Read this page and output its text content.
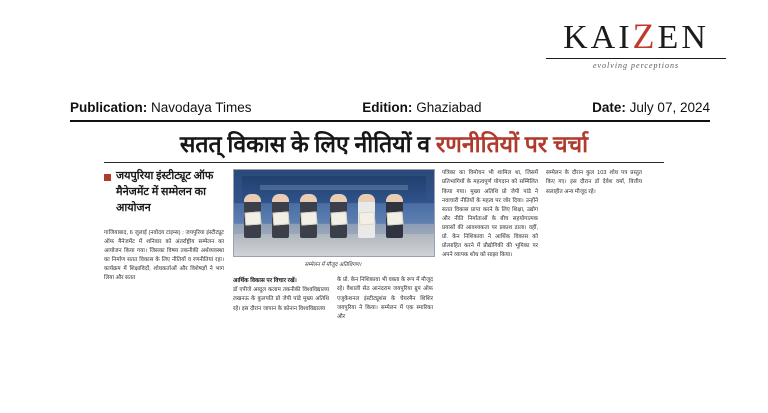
KAIZEN
evolving perceptions
Publication: Navodaya Times	Edition: Ghaziabad	Date: July 07, 2024
सतत् विकास के लिए नीतियों व रणनीतियों पर चर्चा
जयपुरिया इंस्टीट्यूट ऑफ मैनेजमेंट में सम्मेलन का आयोजन
गाजियाबाद, 6 जुलाई (नवोदय टाइम्स) : जयपुरिया इंस्टीट्यूट ऑफ मैनेजमेंट में शनिवार को अंतर्राष्ट्रीय सम्मेलन का आयोजन किया गया। जिसका विषय तकनीकी अर्थव्यवस्था का निर्माण सतत विकास के लिए नीतियों व रणनीतियां रहा। कार्यक्रम में शिक्षाविदों, शोधकर्ताओं और विशेषज्ञों ने भाग लिया और सतत
सम्मेलन में मौजूद अतिथिगण।
आर्थिक विकास पर विचार रखें।
डॉ एपीजे अब्दुल कलाम तकनीकी विश्वविद्यालय लखनऊ के कुलपति प्रो जेपी पांडे मुख्य अतिथि रहे। इस दौरान जापान के कोनान विश्वविद्यालय
के प्रो. केन निशिकावा भी वक्ता के रूप में मौजूद रहे। वैशाली सेठ आनंदराम जयपुरिया ग्रुप ऑफ एजुकेशनल इंस्टीट्यूशंस के चेयरमैन शिशिर जयपुरिया ने किया। सम्मेलन में एक स्मारिका और
पत्रिका का विमोचन भी शामिल था, जिसमें प्रतिभागियों के महत्वपूर्ण योगदान को सम्मिलित किया गया। मुख्य अतिथि प्रो जेपी पांडे ने नवाचारी नीतियों के महत्व पर जोर दिया। उन्होंने सतत विकास प्राप्त करने के लिए शिक्षा, उद्योग और नीति निर्माताओं के बीच सहयोगात्मक प्रयासों की आवश्यकता पर प्रकाश डाला। वहीं, प्रो. केन निशिकावा ने आर्थिक विकास को प्रोत्साहित करने में प्रौद्योगिकी की भूमिका पर अपने व्यापक शोध को साझा किया।
सम्मेलन के दौरान कुल 103 शोध पत्र प्रस्तुत किए गए। इस दौरान डॉ देवेश वर्मा, वित्तीय सलाहीत अन्य मौजूद रहे।
